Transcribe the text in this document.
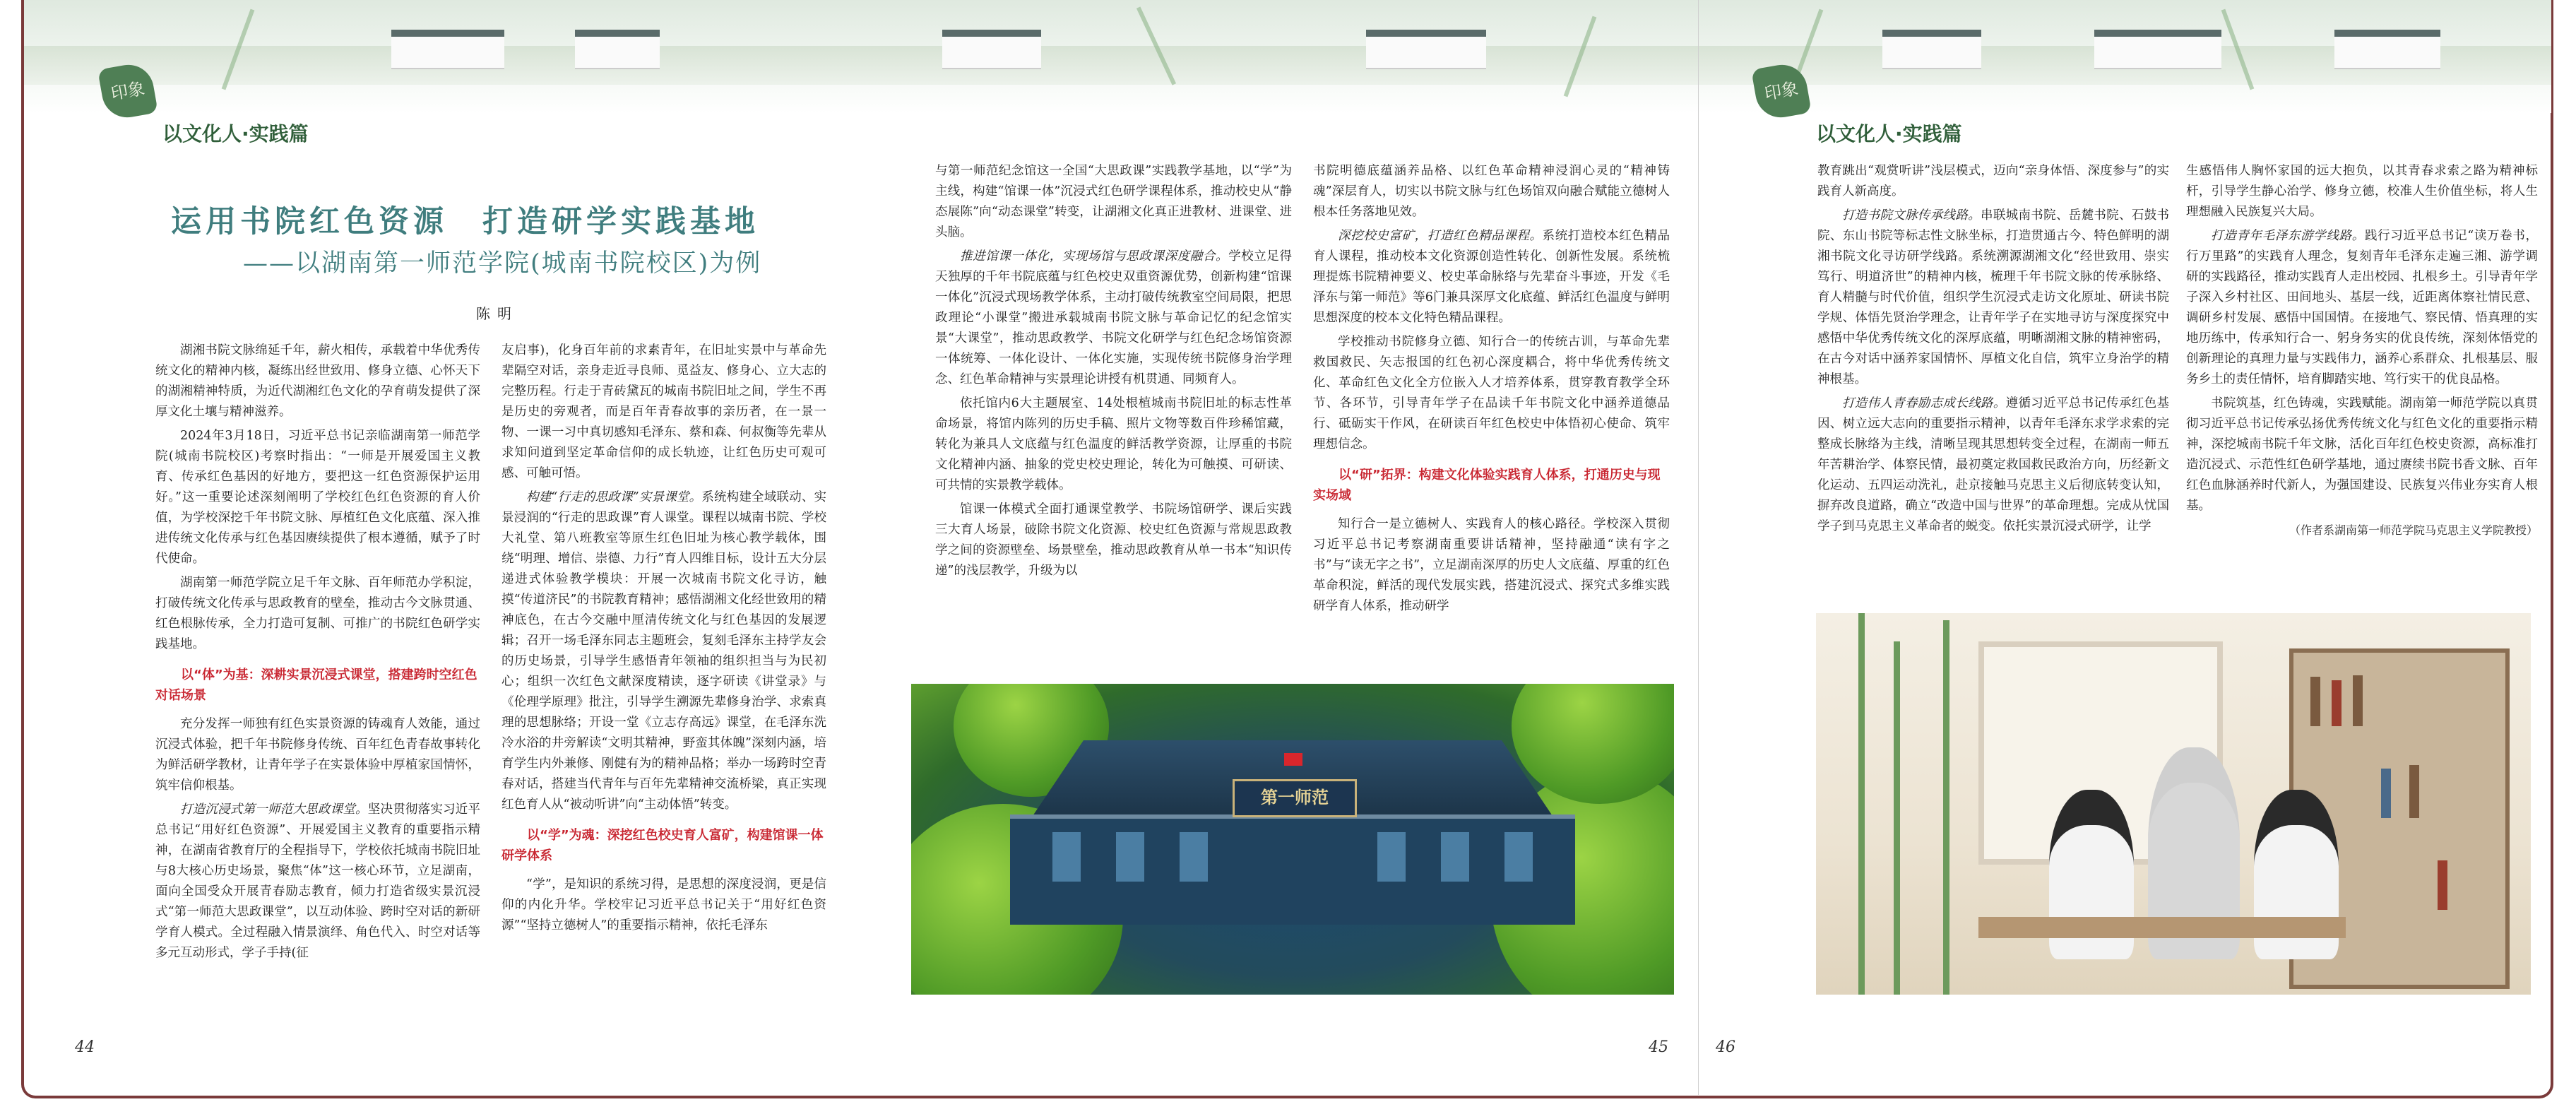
印象
以文化人·实践篇
运用书院红色资源　打造研学实践基地
——以湖南第一师范学院(城南书院校区)为例
陈明

湖湘书院文脉绵延千年，薪火相传，承载着中华优秀传统文化的精神内核，凝练出经世致用、修身立德、心怀天下的湖湘精神特质，为近代湖湘红色文化的孕育萌发提供了深厚文化土壤与精神滋养。

2024年3月18日，习近平总书记亲临湖南第一师范学院(城南书院校区)考察时指出：“一师是开展爱国主义教育、传承红色基因的好地方，要把这一红色资源保护运用好。”这一重要论述深刻阐明了学校红色红色资源的育人价值，为学校深挖千年书院文脉、厚植红色文化底蕴、深入推进传统文化传承与红色基因赓续提供了根本遵循，赋予了时代使命。

湖南第一师范学院立足千年文脉、百年师范办学积淀，打破传统文化传承与思政教育的壁垒，推动古今文脉贯通、红色根脉传承，全力打造可复制、可推广的书院红色研学实践基地。

以“体”为基：深耕实景沉浸式课堂，搭建跨时空红色对话场景

充分发挥一师独有红色实景资源的铸魂育人效能，通过沉浸式体验，把千年书院修身传统、百年红色青春故事转化为鲜活研学教材，让青年学子在实景体验中厚植家国情怀，筑牢信仰根基。

打造沉浸式第一师范大思政课堂。坚决贯彻落实习近平总书记“用好红色资源”、开展爱国主义教育的重要指示精神，在湖南省教育厅的全程指导下，学校依托城南书院旧址与8大核心历史场景，聚焦“体”这一核心环节，立足湖南，面向全国受众开展青春励志教育，倾力打造省级实景沉浸式“第一师范大思政课堂”，以互动体验、跨时空对话的新研学育人模式。全过程融入情景演绎、角色代入、时空对话等多元互动形式，学子手持(征

友启事)，化身百年前的求素青年，在旧址实景中与革命先辈隔空对话，亲身走近寻良师、觅益友、修身心、立大志的完整历程。行走于青砖黛瓦的城南书院旧址之间，学生不再是历史的旁观者，而是百年青春故事的亲历者，在一景一物、一课一习中真切感知毛泽东、蔡和森、何叔衡等先辈从求知问道到坚定革命信仰的成长轨迹，让红色历史可观可感、可触可悟。

构建“行走的思政课”实景课堂。系统构建全域联动、实景浸润的“行走的思政课”育人课堂。课程以城南书院、学校大礼堂、第八班教室等原生红色旧址为核心教学载体，围绕“明理、增信、崇德、力行”育人四维目标，设计五大分层递进式体验教学模块：开展一次城南书院文化寻访，触摸“传道济民”的书院教育精神；感悟湖湘文化经世致用的精神底色，在古今交融中厘清传统文化与红色基因的发展逻辑；召开一场毛泽东同志主题班会，复刻毛泽东主持学友会的历史场景，引导学生感悟青年领袖的组织担当与为民初心；组织一次红色文献深度精读，逐字研读《讲堂录》与《伦理学原理》批注，引导学生溯源先辈修身治学、求索真理的思想脉络；开设一堂《立志存高远》课堂，在毛泽东洗冷水浴的井旁解读“文明其精神，野蛮其体魄”深刻内涵，培育学生内外兼修、刚健有为的精神品格；举办一场跨时空青春对话，搭建当代青年与百年先辈精神交流桥梁，真正实现红色育人从“被动听讲”向“主动体悟”转变。

以“学”为魂：深挖红色校史育人富矿，构建馆课一体研学体系

“学”，是知识的系统习得，是思想的深度浸润，更是信仰的内化升华。学校牢记习近平总书记关于“用好红色资源”“坚持立德树人”的重要指示精神，依托毛泽东

与第一师范纪念馆这一全国“大思政课”实践教学基地，以“学”为主线，构建“馆课一体”沉浸式红色研学课程体系，推动校史从“静态展陈”向“动态课堂”转变，让湖湘文化真正进教材、进课堂、进头脑。

推进馆课一体化，实现场馆与思政课深度融合。学校立足得天独厚的千年书院底蕴与红色校史双重资源优势，创新构建“馆课一体化”沉浸式现场教学体系，主动打破传统教室空间局限，把思政理论“小课堂”搬进承载城南书院文脉与革命记忆的纪念馆实景“大课堂”，推动思政教学、书院文化研学与红色纪念场馆资源一体统筹、一体化设计、一体化实施，实现传统书院修身治学理念、红色革命精神与实景理论讲授有机贯通、同频育人。

依托馆内6大主题展室、14处根植城南书院旧址的标志性革命场景，将馆内陈列的历史手稿、照片文物等数百件珍稀馆藏，转化为兼具人文底蕴与红色温度的鲜活教学资源，让厚重的书院文化精神内涵、抽象的党史校史理论，转化为可触摸、可研读、可共情的实景教学载体。

馆课一体模式全面打通课堂教学、书院场馆研学、课后实践三大育人场景，破除书院文化资源、校史红色资源与常规思政教学之间的资源壁垒、场景壁垒，推动思政教育从单一书本“知识传递”的浅层教学，升级为以

书院明德底蕴涵养品格、以红色革命精神浸润心灵的“精神铸魂”深层育人，切实以书院文脉与红色场馆双向融合赋能立德树人根本任务落地见效。

深挖校史富矿，打造红色精品课程。系统打造校本红色精品育人课程，推动校本文化资源创造性转化、创新性发展。系统梳理提炼书院精神要义、校史革命脉络与先辈奋斗事迹，开发《毛泽东与第一师范》等6门兼具深厚文化底蕴、鲜活红色温度与鲜明思想深度的校本文化特色精品课程。

学校推动书院修身立德、知行合一的传统古训，与革命先辈救国救民、矢志报国的红色初心深度耦合，将中华优秀传统文化、革命红色文化全方位嵌入人才培养体系，贯穿教育教学全环节、各环节，引导青年学子在品读千年书院文化中涵养道德品行、砥砺实干作风，在研读百年红色校史中体悟初心使命、筑牢理想信念。

以“研”拓界：构建文化体验实践育人体系，打通历史与现实场域

知行合一是立德树人、实践育人的核心路径。学校深入贯彻习近平总书记考察湖南重要讲话精神，坚持融通“读有字之书”与“读无字之书”，立足湖南深厚的历史人文底蕴、厚重的红色革命积淀，鲜活的现代发展实践，搭建沉浸式、探究式多维实践研学育人体系，推动研学

第一师范
44	45
印象
以文化人·实践篇

教育跳出“观赏听讲”浅层模式，迈向“亲身体悟、深度参与”的实践育人新高度。

打造书院文脉传承线路。串联城南书院、岳麓书院、石鼓书院、东山书院等标志性文脉坐标，打造贯通古今、特色鲜明的湖湘书院文化寻访研学线路。系统溯源湖湘文化“经世致用、崇实笃行、明道济世”的精神内核，梳理千年书院文脉的传承脉络、育人精髓与时代价值，组织学生沉浸式走访文化原址、研读书院学规、体悟先贤治学理念，让青年学子在实地寻访与深度探究中感悟中华优秀传统文化的深厚底蕴，明晰湖湘文脉的精神密码，在古今对话中涵养家国情怀、厚植文化自信，筑牢立身治学的精神根基。

打造伟人青春励志成长线路。遵循习近平总书记传承红色基因、树立远大志向的重要指示精神，以青年毛泽东求学求索的完整成长脉络为主线，清晰呈现其思想转变全过程，在湖南一师五年苦耕治学、体察民情，最初奠定救国救民政治方向，历经新文化运动、五四运动洗礼，赴京接触马克思主义后彻底转变认知，摒弃改良道路，确立“改造中国与世界”的革命理想。完成从忧国学子到马克思主义革命者的蜕变。依托实景沉浸式研学，让学

生感悟伟人胸怀家国的远大抱负，以其青春求索之路为精神标杆，引导学生静心治学、修身立德，校准人生价值坐标，将人生理想融入民族复兴大局。

打造青年毛泽东游学线路。践行习近平总书记“读万卷书，行万里路”的实践育人理念，复刻青年毛泽东走遍三湘、游学调研的实践路径，推动实践育人走出校园、扎根乡土。引导青年学子深入乡村社区、田间地头、基层一线，近距离体察社情民意、调研乡村发展、感悟中国国情。在接地气、察民情、悟真理的实地历练中，传承知行合一、躬身务实的优良传统，深刻体悟党的创新理论的真理力量与实践伟力，涵养心系群众、扎根基层、服务乡土的责任情怀，培育脚踏实地、笃行实干的优良品格。

书院筑基，红色铸魂，实践赋能。湖南第一师范学院以真贯彻习近平总书记传承弘扬优秀传统文化与红色文化的重要指示精神，深挖城南书院千年文脉，活化百年红色校史资源，高标准打造沉浸式、示范性红色研学基地，通过赓续书院书香文脉、百年红色血脉涵养时代新人，为强国建设、民族复兴伟业夯实育人根基。

（作者系湖南第一师范学院马克思主义学院教授）

46
